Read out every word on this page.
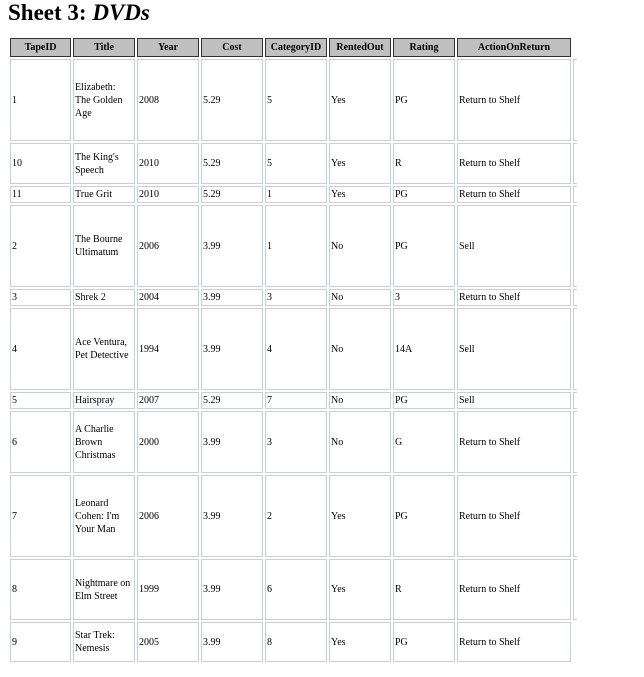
Sheet 3: DVDs
TapeID	Title	Year	Cost	CategoryID	RentedOut	Rating	ActionOnReturn	
1	Elizabeth: The Golden Age	2008	5.29	5	Yes	PG	Return to Shelf	
10	The King's Speech	2010	5.29	5	Yes	R	Return to Shelf	
11	True Grit	2010	5.29	1	Yes	PG	Return to Shelf	
2	The Bourne Ultimatum	2006	3.99	1	No	PG	Sell	
3	Shrek 2	2004	3.99	3	No	3	Return to Shelf	
4	Ace Ventura, Pet Detective	1994	3.99	4	No	14A	Sell	
5	Hairspray	2007	5.29	7	No	PG	Sell	
6	A Charlie Brown Christmas	2000	3.99	3	No	G	Return to Shelf	
7	Leonard Cohen: I'm Your Man	2006	3.99	2	Yes	PG	Return to Shelf	
8	Nightmare on Elm Street	1999	3.99	6	Yes	R	Return to Shelf	
9	Star Trek: Nemesis	2005	3.99	8	Yes	PG	Return to Shelf	
